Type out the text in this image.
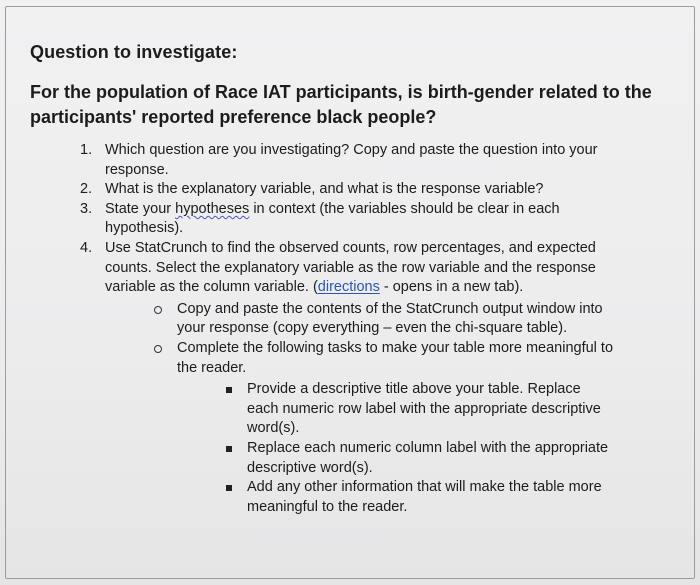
Question to investigate:
For the population of Race IAT participants, is birth-gender related to the participants' reported preference black people?
1. Which question are you investigating? Copy and paste the question into your response.
2. What is the explanatory variable, and what is the response variable?
3. State your hypotheses in context (the variables should be clear in each hypothesis).
4. Use StatCrunch to find the observed counts, row percentages, and expected counts. Select the explanatory variable as the row variable and the response variable as the column variable. (directions - opens in a new tab).
Copy and paste the contents of the StatCrunch output window into your response (copy everything – even the chi-square table).
Complete the following tasks to make your table more meaningful to the reader.
Provide a descriptive title above your table. Replace each numeric row label with the appropriate descriptive word(s).
Replace each numeric column label with the appropriate descriptive word(s).
Add any other information that will make the table more meaningful to the reader.
